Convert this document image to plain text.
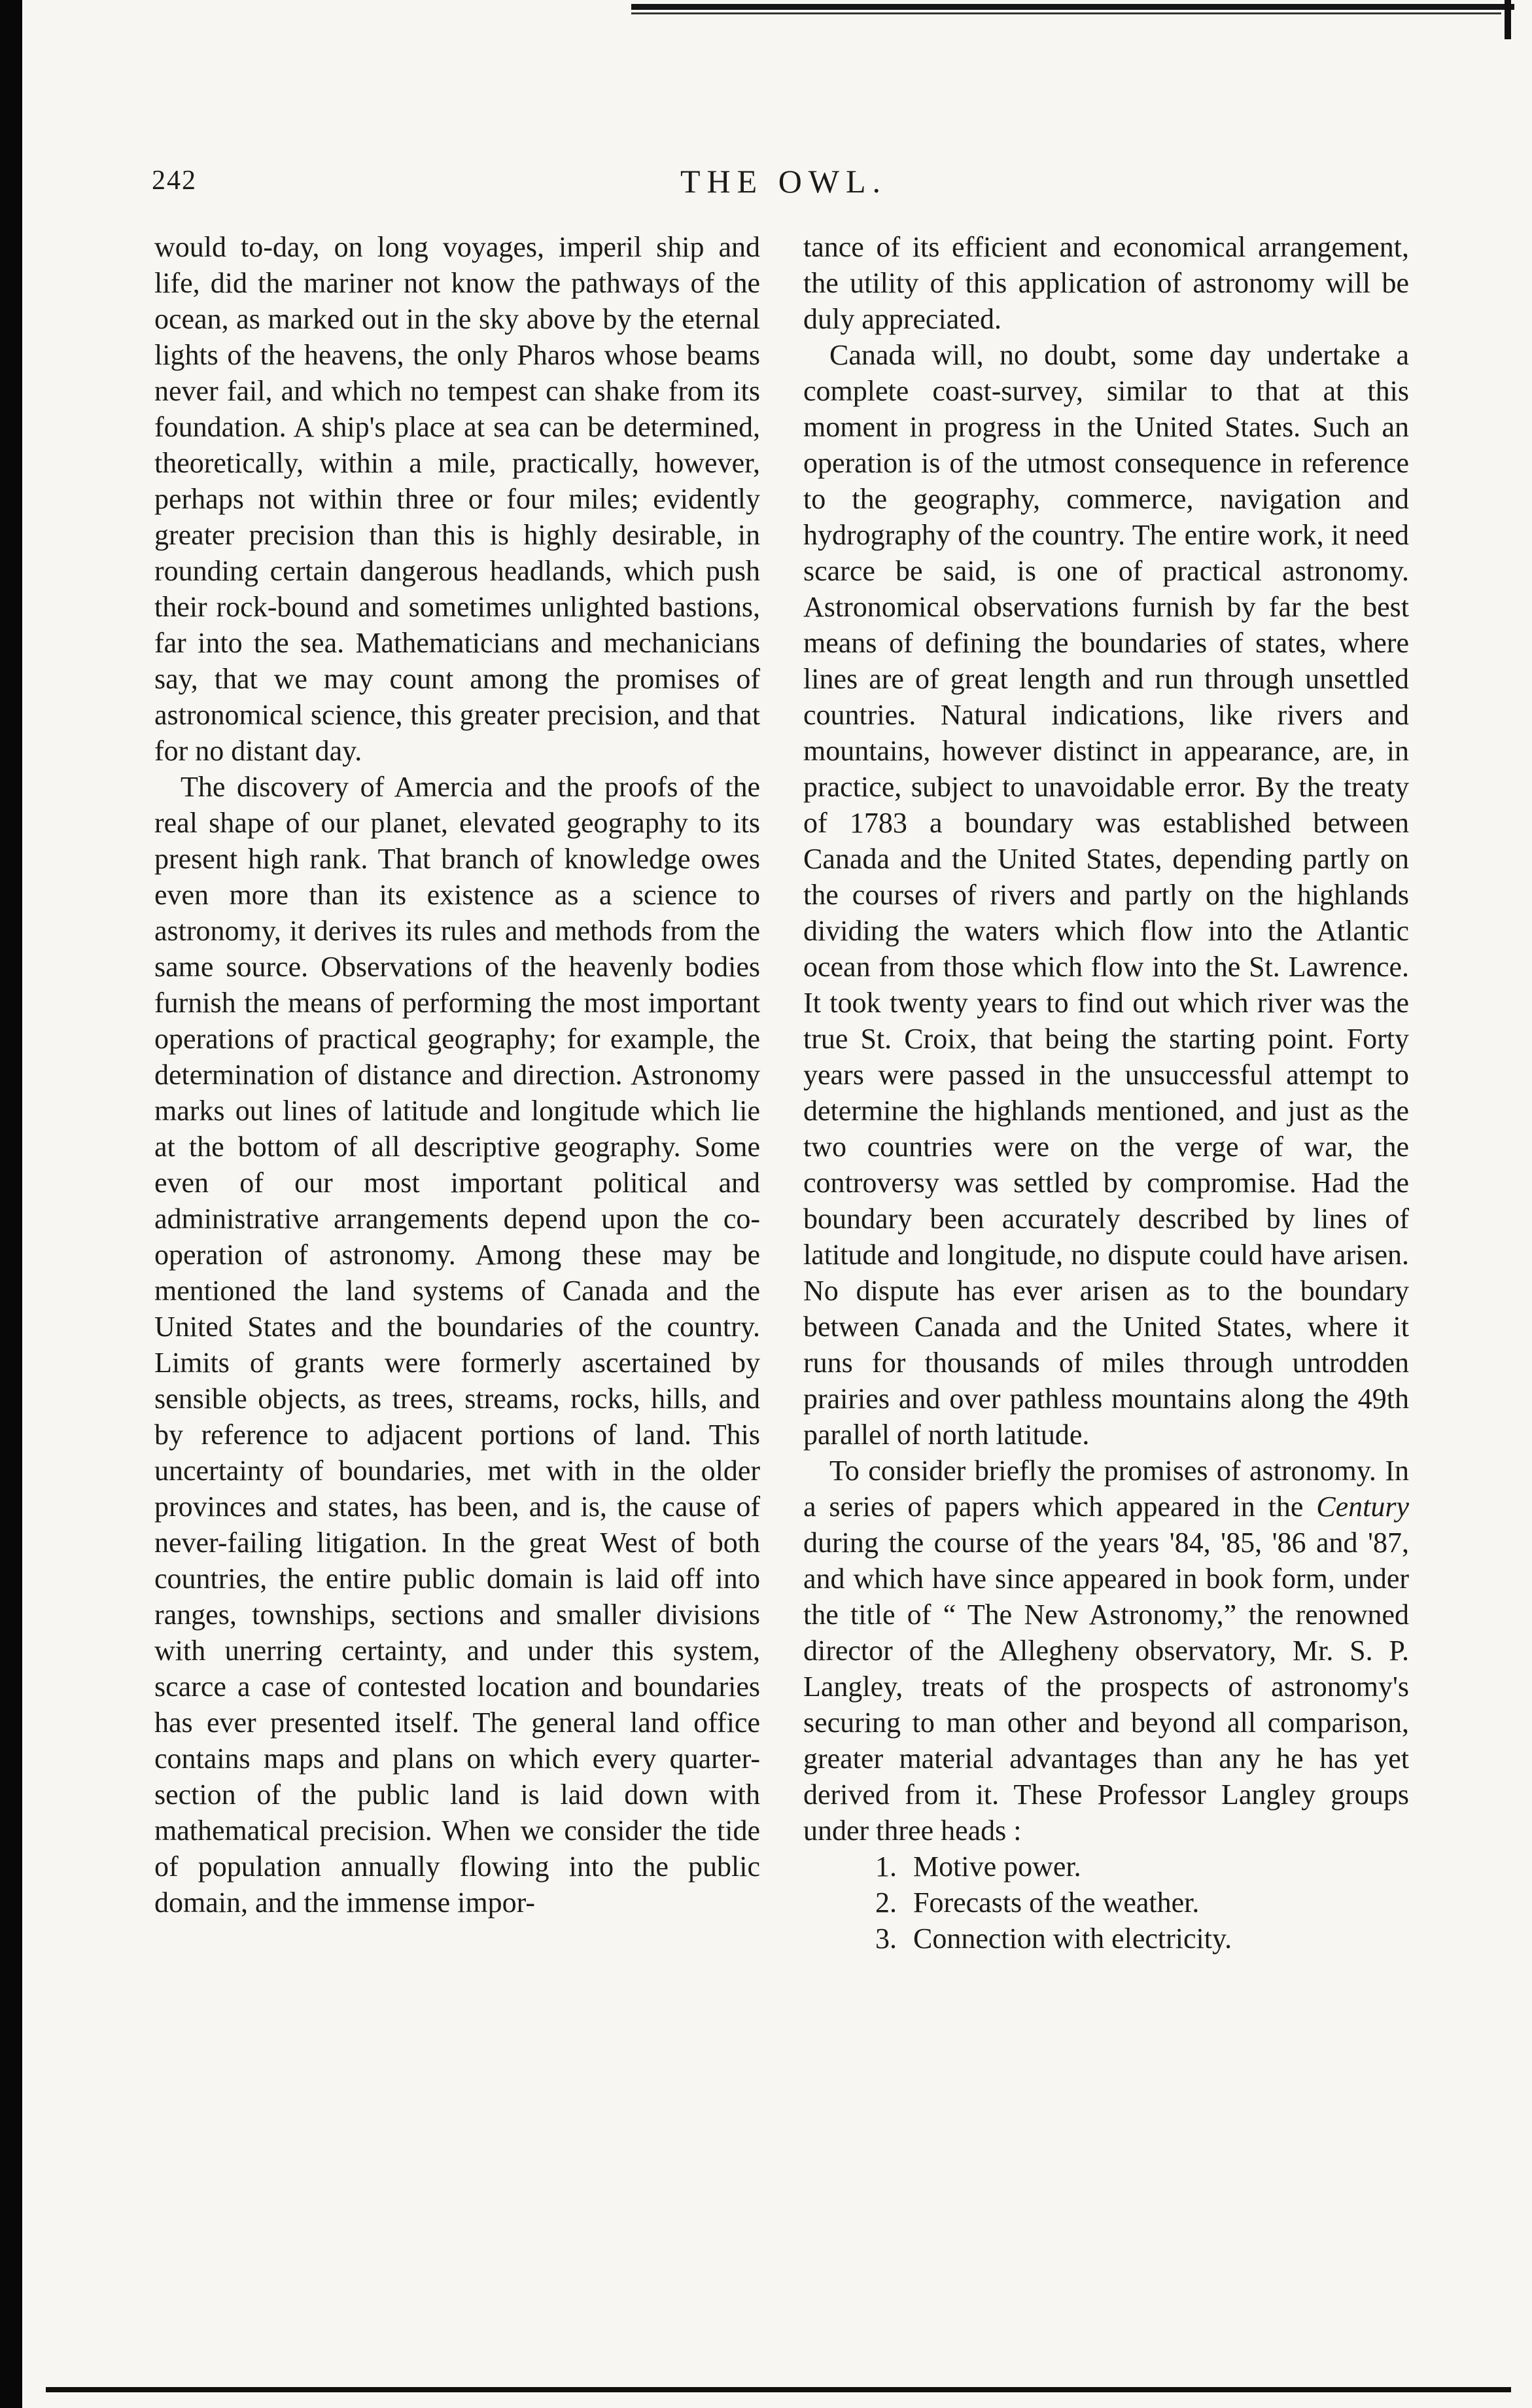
242	THE OWL.

would to-day, on long voyages, imperil ship and life, did the mariner not know the pathways of the ocean, as marked out in the sky above by the eternal lights of the heavens, the only Pharos whose beams never fail, and which no tempest can shake from its foundation. A ship's place at sea can be determined, theoretically, within a mile, practically, however, perhaps not within three or four miles; evidently greater precision than this is highly desirable, in rounding certain dangerous headlands, which push their rock-bound and sometimes unlighted bastions, far into the sea. Mathematicians and mechanicians say, that we may count among the promises of astronomical science, this greater precision, and that for no distant day.

The discovery of Amercia and the proofs of the real shape of our planet, elevated geography to its present high rank. That branch of knowledge owes even more than its existence as a science to astronomy, it derives its rules and methods from the same source. Observations of the heavenly bodies furnish the means of performing the most important operations of practical geography; for example, the determination of distance and direction. Astronomy marks out lines of latitude and longitude which lie at the bottom of all descriptive geography. Some even of our most important political and administrative arrangements depend upon the co-operation of astronomy. Among these may be mentioned the land systems of Canada and the United States and the boundaries of the country. Limits of grants were formerly ascertained by sensible objects, as trees, streams, rocks, hills, and by reference to adjacent portions of land. This uncertainty of boundaries, met with in the older provinces and states, has been, and is, the cause of never-failing litigation. In the great West of both countries, the entire public domain is laid off into ranges, townships, sections and smaller divisions with unerring certainty, and under this system, scarce a case of contested location and boundaries has ever presented itself. The general land office contains maps and plans on which every quarter-section of the public land is laid down with mathematical precision. When we consider the tide of population annually flowing into the public domain, and the immense impor-

tance of its efficient and economical arrangement, the utility of this application of astronomy will be duly appreciated.

Canada will, no doubt, some day undertake a complete coast-survey, similar to that at this moment in progress in the United States. Such an operation is of the utmost consequence in reference to the geography, commerce, navigation and hydrography of the country. The entire work, it need scarce be said, is one of practical astronomy. Astronomical observations furnish by far the best means of defining the boundaries of states, where lines are of great length and run through unsettled countries. Natural indications, like rivers and mountains, however distinct in appearance, are, in practice, subject to unavoidable error. By the treaty of 1783 a boundary was established between Canada and the United States, depending partly on the courses of rivers and partly on the highlands dividing the waters which flow into the Atlantic ocean from those which flow into the St. Lawrence. It took twenty years to find out which river was the true St. Croix, that being the starting point. Forty years were passed in the unsuccessful attempt to determine the highlands mentioned, and just as the two countries were on the verge of war, the controversy was settled by compromise. Had the boundary been accurately described by lines of latitude and longitude, no dispute could have arisen. No dispute has ever arisen as to the boundary between Canada and the United States, where it runs for thousands of miles through untrodden prairies and over pathless mountains along the 49th parallel of north latitude.

To consider briefly the promises of astronomy. In a series of papers which appeared in the Century during the course of the years '84, '85, '86 and '87, and which have since appeared in book form, under the title of “ The New Astronomy,” the renowned director of the Allegheny observatory, Mr. S. P. Langley, treats of the prospects of astronomy's securing to man other and beyond all comparison, greater material advantages than any he has yet derived from it. These Professor Langley groups under three heads :

1. Motive power.
2. Forecasts of the weather.
3. Connection with electricity.
